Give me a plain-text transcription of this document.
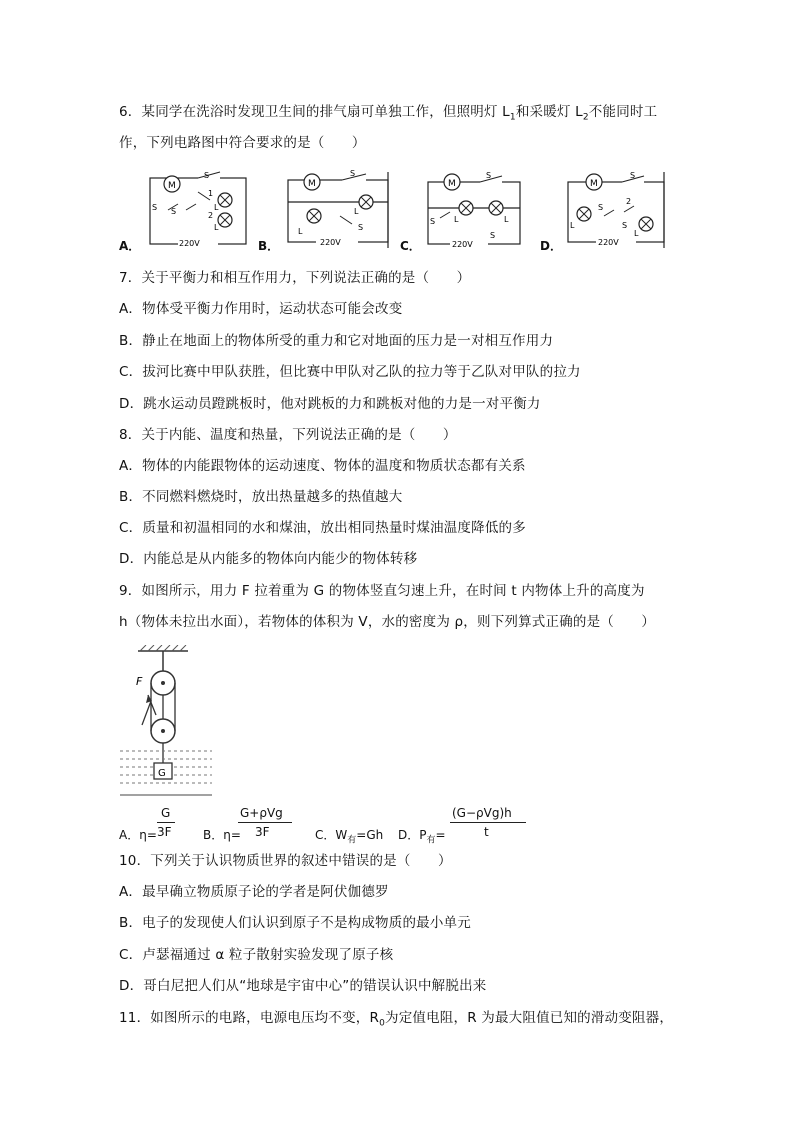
6．某同学在洗浴时发现卫生间的排气扇可单独工作，但照明灯 $L_1$和采暖灯 $L_2$不能同时工
作，下列电路图中符合要求的是（　　）
A．
M
220V
S
S S
1
2
L
L
B．
M
220V
S
S
L
L
C．
M
220V
S
S
S
L	L
D．
M
220V
S
S
S
2
L
L
7．关于平衡力和相互作用力，下列说法正确的是（　　）
A．物体受平衡力作用时，运动状态可能会改变
B．静止在地面上的物体所受的重力和它对地面的压力是一对相互作用力
C．拔河比赛中甲队获胜，但比赛中甲队对乙队的拉力等于乙队对甲队的拉力
D．跳水运动员蹬跳板时，他对跳板的力和跳板对他的力是一对平衡力
8．关于内能、温度和热量，下列说法正确的是（　　）
A．物体的内能跟物体的运动速度、物体的温度和物质状态都有关系
B．不同燃料燃烧时，放出热量越多的热值越大
C．质量和初温相同的水和煤油，放出相同热量时煤油温度降低的多
D．内能总是从内能多的物体向内能少的物体转移
9．如图所示，用力 F 拉着重为 G 的物体竖直匀速上升，在时间 t 内物体上升的高度为
h（物体未拉出水面），若物体的体积为 V，水的密度为 ρ，则下列算式正确的是（　　）
F
G
A．η=
G
3F	B．η=
G+ρVg
3F	C．$W_有=Gh$ D．$P_有=$
(G−ρVg)h
t
10．下列关于认识物质世界的叙述中错误的是（　　）
A．最早确立物质原子论的学者是阿伏伽德罗
B．电子的发现使人们认识到原子不是构成物质的最小单元
C．卢瑟福通过 α 粒子散射实验发现了原子核
D．哥白尼把人们从“地球是宇宙中心”的错误认识中解脱出来
11．如图所示的电路，电源电压均不变，$R_0$为定值电阻，R 为最大阻值已知的滑动变阻器，
